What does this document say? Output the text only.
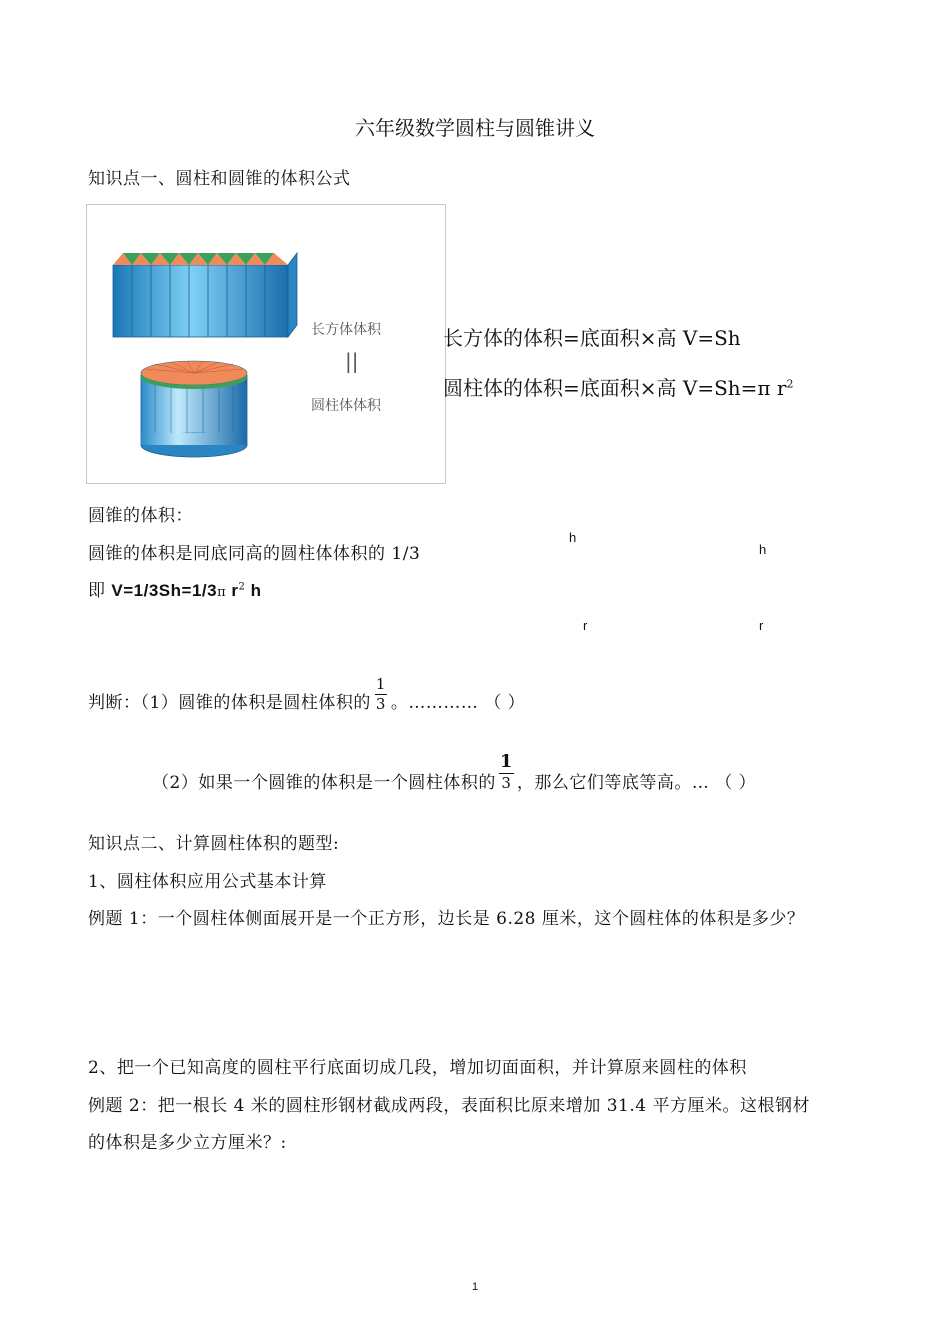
六年级数学圆柱与圆锥讲义
知识点一、圆柱和圆锥的体积公式
长方体体积
||
圆柱体体积
长方体的体积=底面积×高 V=Sh
圆柱体的体积=底面积×高 V=Sh=π $r^2$
圆锥的体积：
圆锥的体积是同底同高的圆柱体体积的 1/3
即 V=1/3Sh=1/3π $r^2$ h
h
h
r	r
判断：（1）圆锥的体积是圆柱体积的 $\frac{1}{3}$ 。………… （ ）
（2）如果一个圆锥的体积是一个圆柱体积的 $\frac{1}{3}$ ，那么它们等底等高。… （ ）
知识点二、计算圆柱体积的题型:
1、圆柱体积应用公式基本计算
例题 1：一个圆柱体侧面展开是一个正方形，边长是 6.28 厘米，这个圆柱体的体积是多少？
2、把一个已知高度的圆柱平行底面切成几段，增加切面面积，并计算原来圆柱的体积
例题 2：把一根长 4 米的圆柱形钢材截成两段，表面积比原来增加 31.4 平方厘米。这根钢材
的体积是多少立方厘米？:
1
